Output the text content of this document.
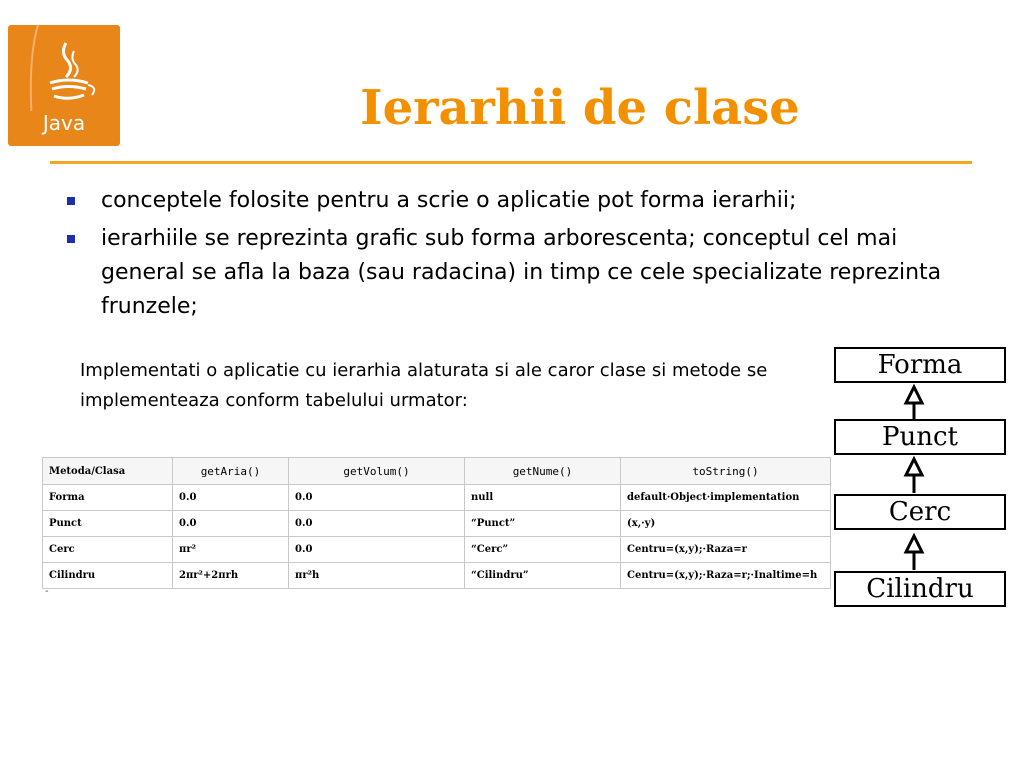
Java	Ierarhii de clase
conceptele folosite pentru a scrie o aplicatie pot forma ierarhii;
ierarhiile se reprezinta grafic sub forma arborescenta; conceptul cel mai general se afla la baza (sau radacina) in timp ce cele specializate reprezinta frunzele;
Implementati o aplicatie cu ierarhia alaturata si ale caror clase si metode se implementeaza conform tabelului urmator:
Metoda/Clasa	getAria()	getVolum()	getNume()	toString()
Forma	0.0	0.0	null	default·Object·implementation
Punct	0.0	0.0	“Punct”	(x,·y)
Cerc	πr²	0.0	“Cerc”	Centru=(x,y);·Raza=r
Cilindru	2πr²+2πrh	πr²h	“Cilindru”	Centru=(x,y);·Raza=r;·Inaltime=h
-
Forma
Punct
Cerc
Cilindru
